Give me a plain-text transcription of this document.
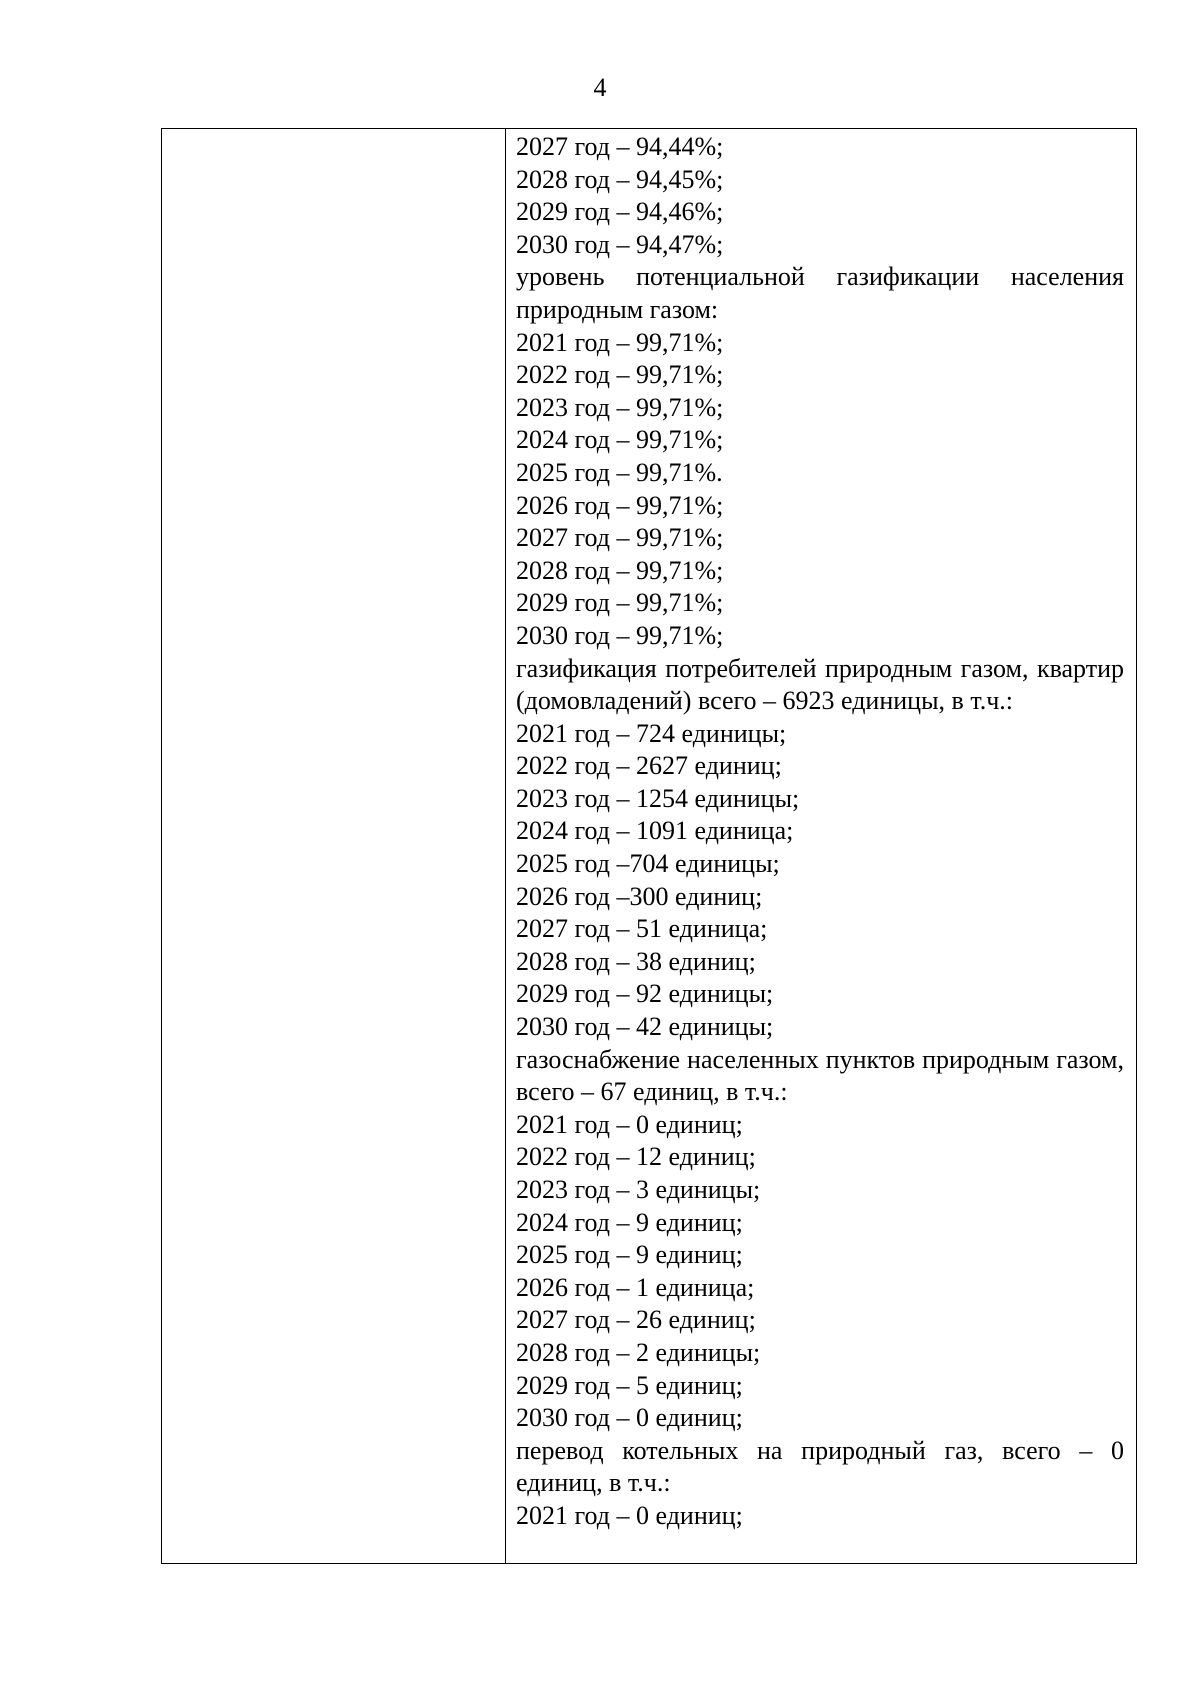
4
2027 год – 94,44%;
2028 год – 94,45%;
2029 год – 94,46%;
2030 год – 94,47%;
уровень потенциальной газификации населения природным газом:
2021 год – 99,71%;
2022 год – 99,71%;
2023 год – 99,71%;
2024 год – 99,71%;
2025 год – 99,71%.
2026 год – 99,71%;
2027 год – 99,71%;
2028 год – 99,71%;
2029 год – 99,71%;
2030 год – 99,71%;
газификация потребителей природным газом, квартир (домовладений) всего – 6923 единицы, в т.ч.:
2021 год – 724 единицы;
2022 год – 2627 единиц;
2023 год – 1254 единицы;
2024 год – 1091 единица;
2025 год –704 единицы;
2026 год –300 единиц;
2027 год – 51 единица;
2028 год – 38 единиц;
2029 год – 92 единицы;
2030 год – 42 единицы;
газоснабжение населенных пунктов природным газом, всего – 67 единиц, в т.ч.:
2021 год – 0 единиц;
2022 год – 12 единиц;
2023 год – 3 единицы;
2024 год – 9 единиц;
2025 год – 9 единиц;
2026 год – 1 единица;
2027 год – 26 единиц;
2028 год – 2 единицы;
2029 год – 5 единиц;
2030 год – 0 единиц;
перевод котельных на природный газ, всего – 0 единиц, в т.ч.:
2021 год – 0 единиц;
